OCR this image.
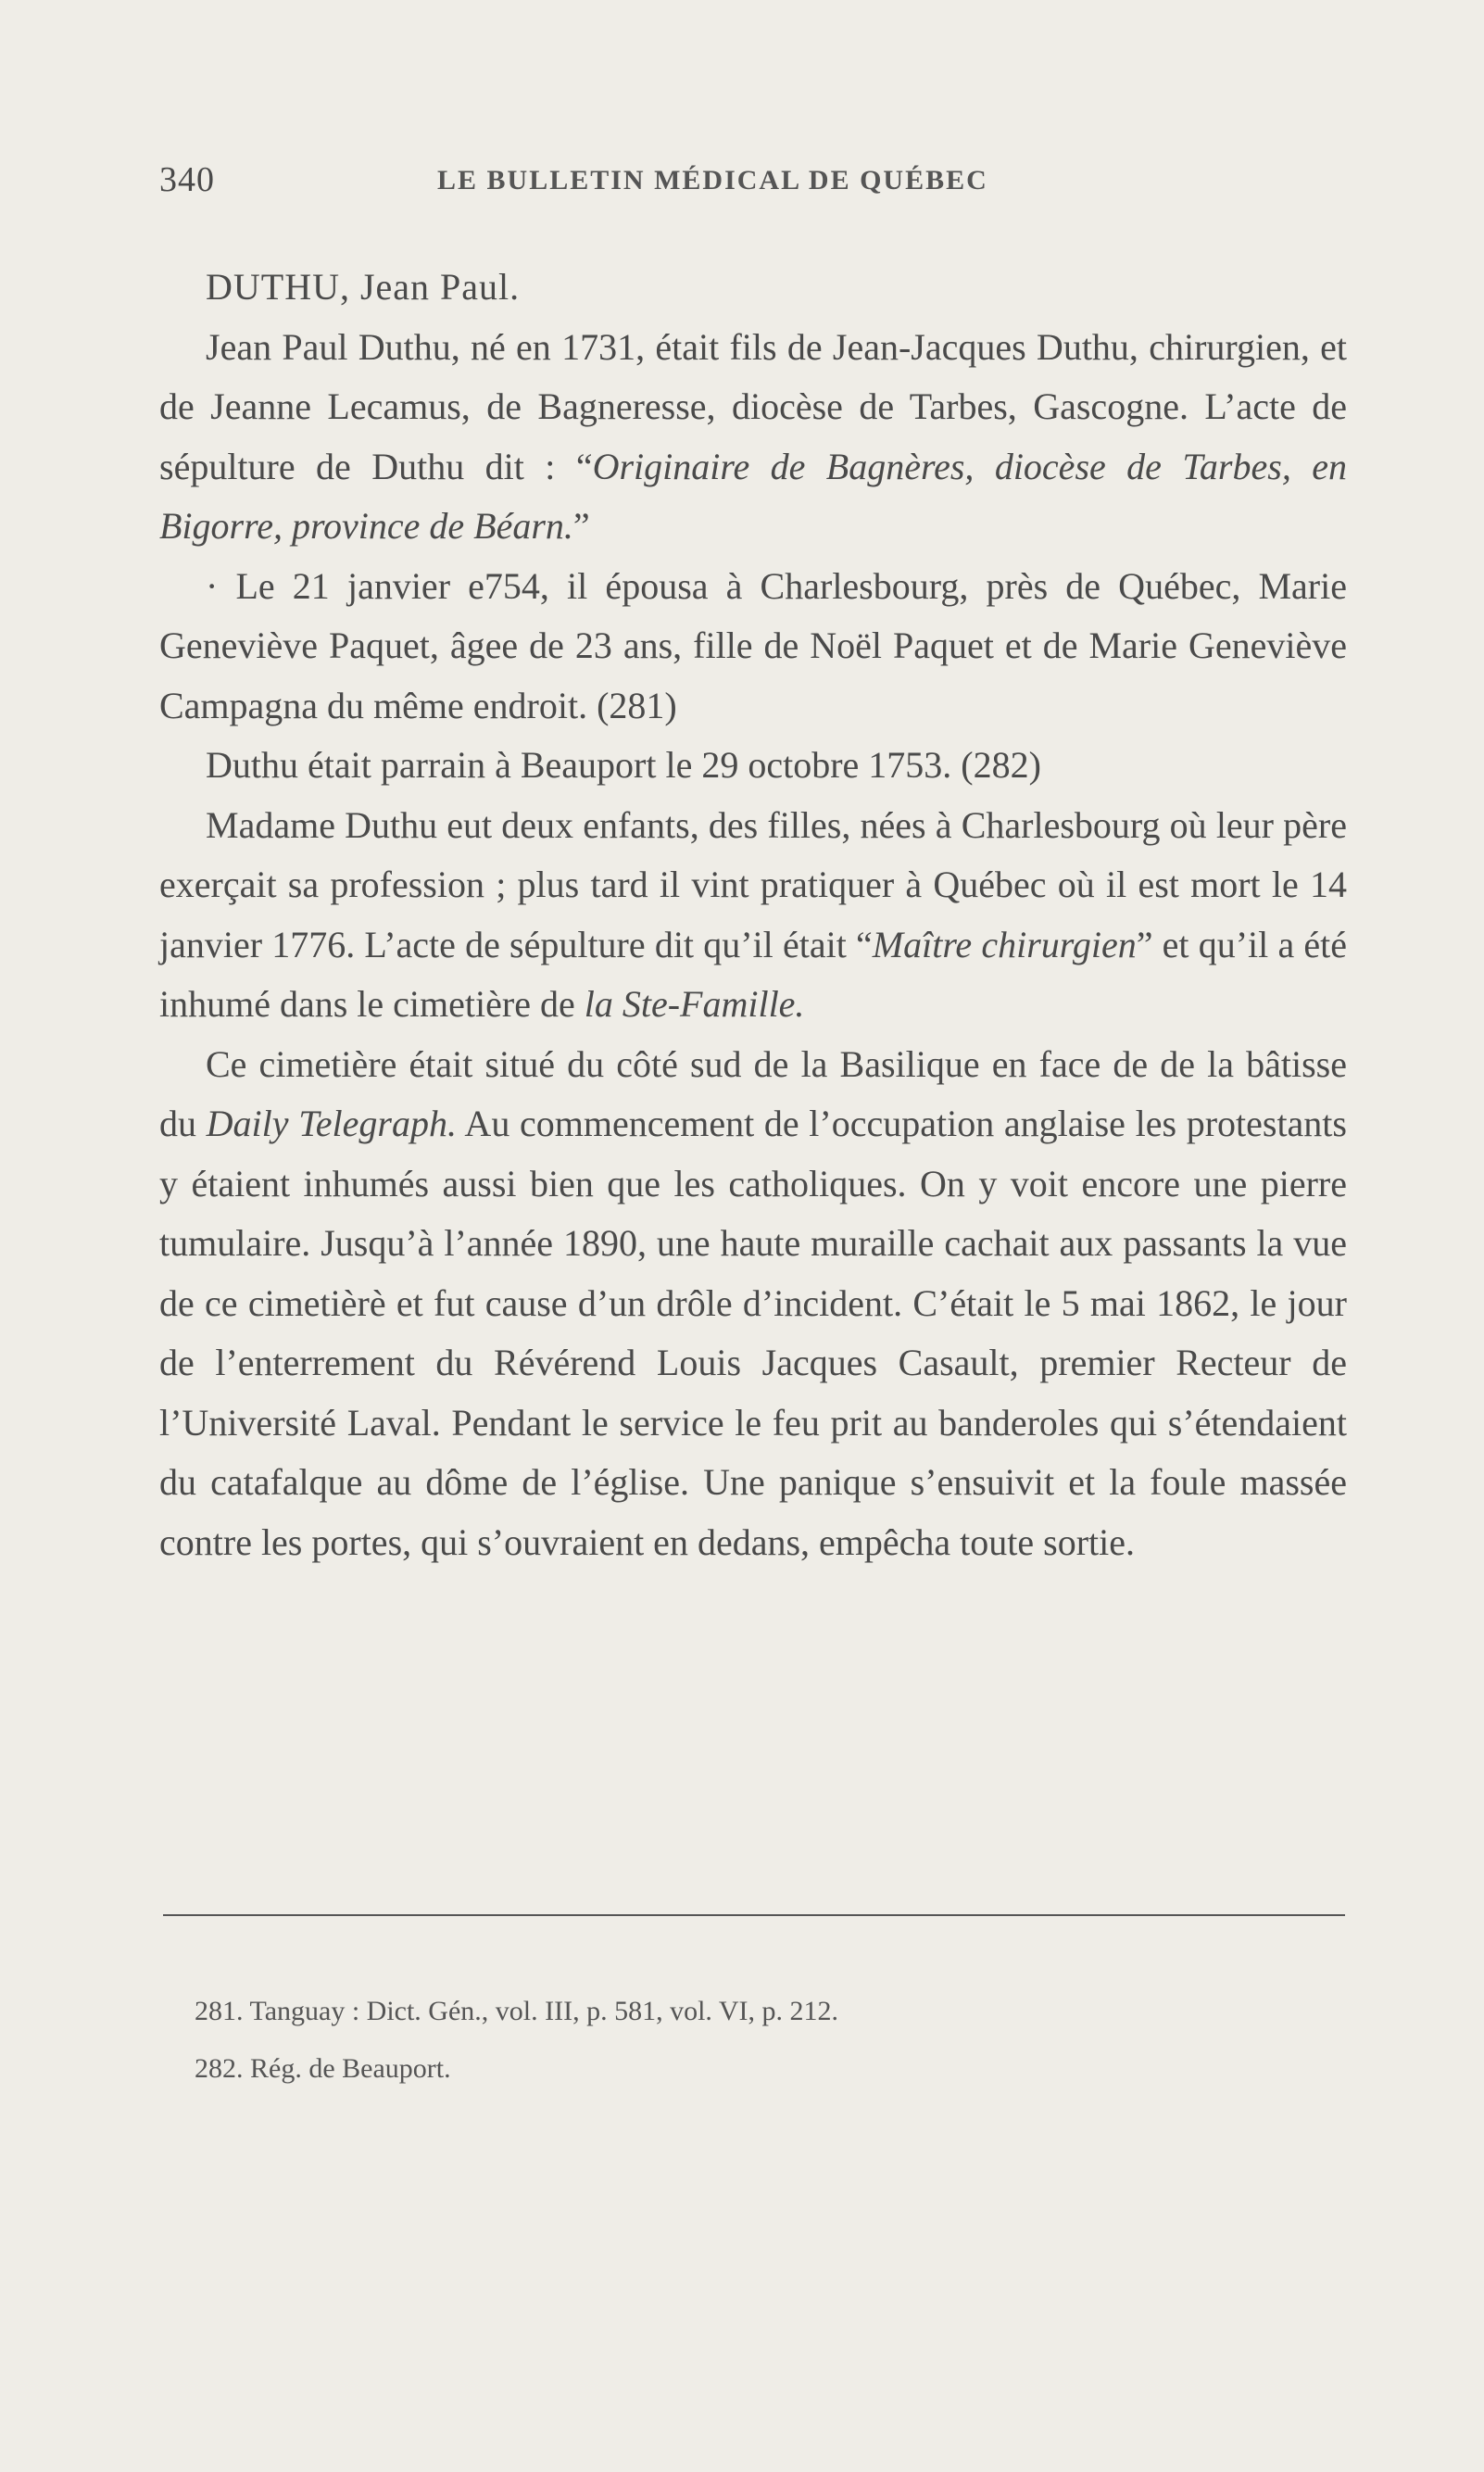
340	LE BULLETIN MÉDICAL DE QUÉBEC

DUTHU, Jean Paul.

Jean Paul Duthu, né en 1731, était fils de Jean-Jacques Duthu, chirurgien, et de Jeanne Lecamus, de Bagneresse, diocèse de Tarbes, Gascogne. L’acte de sépulture de Duthu dit : “Originaire de Bagnères, diocèse de Tarbes, en Bigorre, province de Béarn.”

· Le 21 janvier e754, il épousa à Charlesbourg, près de Québec, Marie Geneviève Paquet, âgee de 23 ans, fille de Noël Paquet et de Marie Geneviève Campagna du même endroit. (281)

Duthu était parrain à Beauport le 29 octobre 1753. (282)

Madame Duthu eut deux enfants, des filles, nées à Charlesbourg où leur père exerçait sa profession ; plus tard il vint pratiquer à Québec où il est mort le 14 janvier 1776. L’acte de sépulture dit qu’il était “Maître chirurgien” et qu’il a été inhumé dans le cimetière de la Ste-Famille.

Ce cimetière était situé du côté sud de la Basilique en face de de la bâtisse du Daily Telegraph. Au commencement de l’occupation anglaise les protestants y étaient inhumés aussi bien que les catholiques. On y voit encore une pierre tumulaire. Jusqu’à l’année 1890, une haute muraille cachait aux passants la vue de ce cimetièrè et fut cause d’un drôle d’incident. C’était le 5 mai 1862, le jour de l’enterrement du Révérend Louis Jacques Casault, premier Recteur de l’Université Laval. Pendant le service le feu prit au banderoles qui s’étendaient du catafalque au dôme de l’église. Une panique s’ensuivit et la foule massée contre les portes, qui s’ouvraient en dedans, empêcha toute sortie.

281. Tanguay : Dict. Gén., vol. III, p. 581, vol. VI, p. 212.

282. Rég. de Beauport.
